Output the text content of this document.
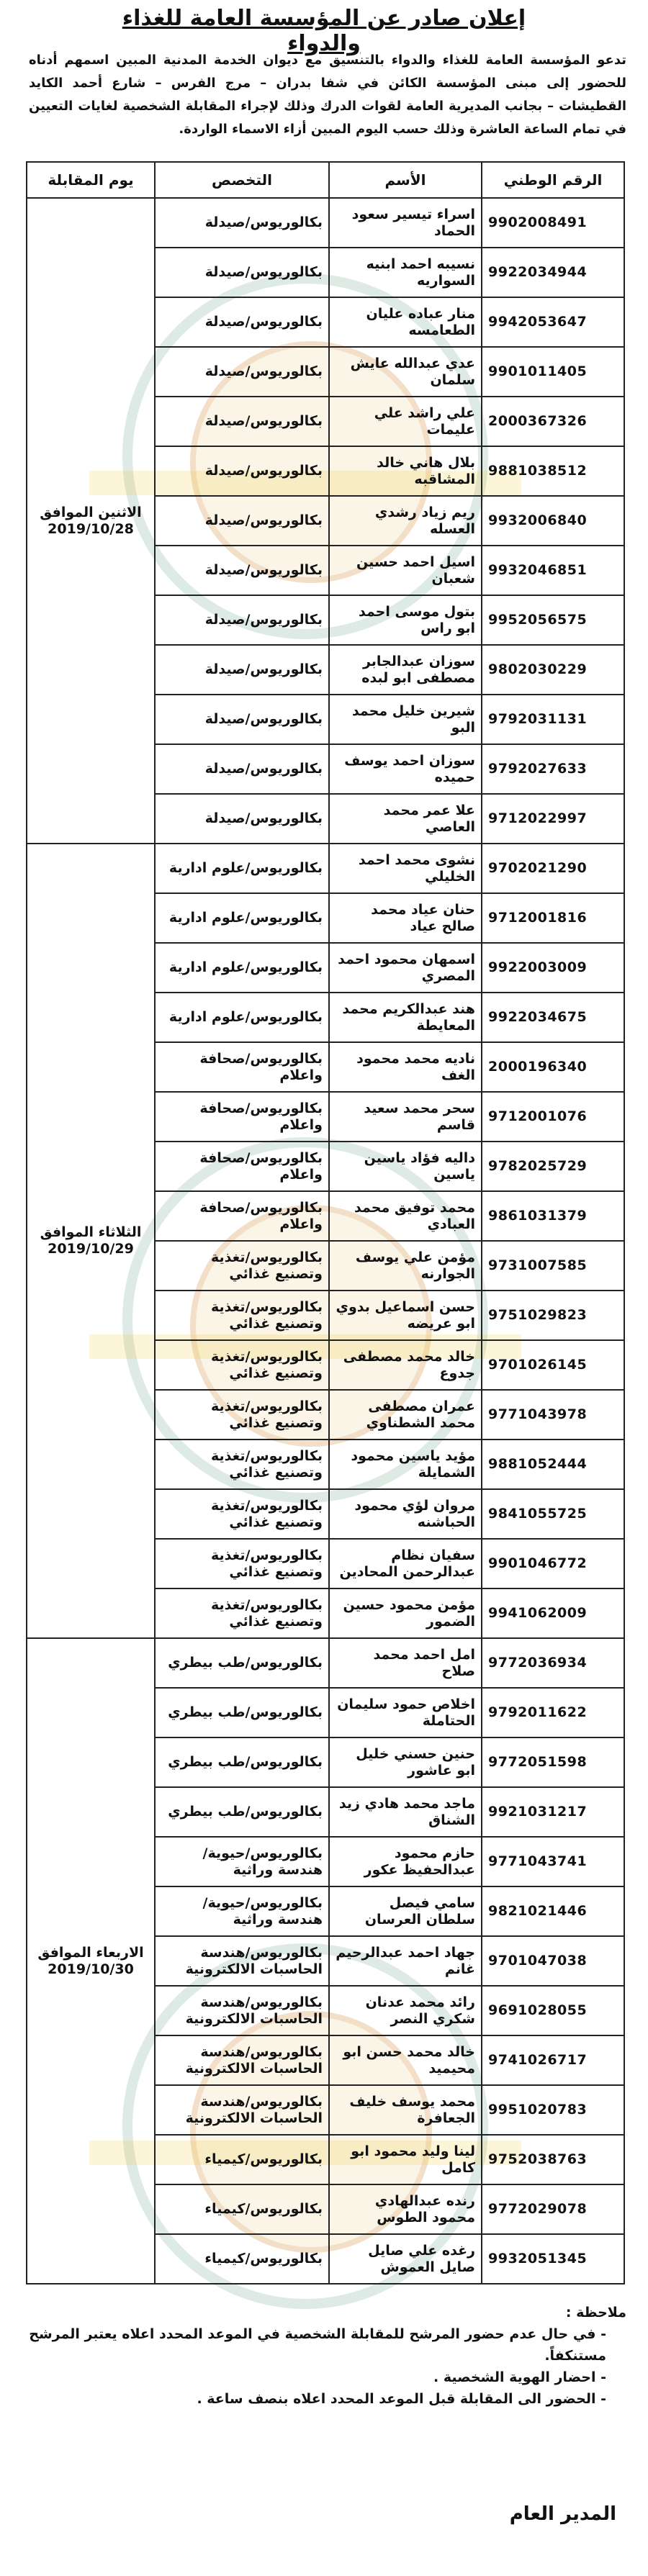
إعلان صادر عن المؤسسة العامة للغذاء والدواء
تدعو المؤسسة العامة للغذاء والدواء بالتنسيق مع ديوان الخدمة المدنية المبين اسمهم أدناه للحضور إلى مبنى المؤسسة الكائن في شفا بدران – مرج الفرس – شارع أحمد الكايد القطيشات – بجانب المديرية العامة لقوات الدرك وذلك لإجراء المقابلة الشخصية لغايات التعيين في تمام الساعة العاشرة وذلك حسب اليوم المبين أزاء الاسماء الواردة.
الرقم الوطني	الأسم	التخصص	يوم المقابلة
9902008491	اسراء تيسير سعود الحماد	بكالوريوس/صيدلة	الاثنين الموافق
2019/10/28

9922034944	نسيبه احمد ابنيه السواريه	بكالوريوس/صيدلة	
9942053647	منار عباده عليان الطعامسه	بكالوريوس/صيدلة	
9901011405	عدي عبدالله عايش سلمان	بكالوريوس/صيدلة	
2000367326	علي راشد علي عليمات	بكالوريوس/صيدلة	
9881038512	بلال هاني خالد المشاقبه	بكالوريوس/صيدلة	
9932006840	ريم زياد رشدي العسله	بكالوريوس/صيدلة	
9932046851	اسيل احمد حسين شعبان	بكالوريوس/صيدلة	
9952056575	بتول موسى احمد ابو راس	بكالوريوس/صيدلة	
9802030229	سوزان عبدالجابر مصطفى ابو لبده	بكالوريوس/صيدلة	
9792031131	شيرين خليل محمد البو	بكالوريوس/صيدلة	
9792027633	سوزان احمد يوسف حميده	بكالوريوس/صيدلة	
9712022997	علا عمر محمد العاصي	بكالوريوس/صيدلة	
9702021290	نشوى محمد احمد الخليلي	بكالوريوس/علوم ادارية	الثلاثاء الموافق
2019/10/29

9712001816	حنان عياد محمد صالح عياد	بكالوريوس/علوم ادارية	
9922003009	اسمهان محمود احمد المصري	بكالوريوس/علوم ادارية	
9922034675	هند عبدالكريم محمد المعايطة	بكالوريوس/علوم ادارية	
2000196340	ناديه محمد محمود الغف	بكالوريوس/صحافة واعلام	
9712001076	سحر محمد سعيد قاسم	بكالوريوس/صحافة واعلام	
9782025729	داليه فؤاد ياسين ياسين	بكالوريوس/صحافة واعلام	
9861031379	محمد توفيق محمد العبادي	بكالوريوس/صحافة واعلام	
9731007585	مؤمن علي يوسف الجوارنه	بكالوريوس/تغذية وتصنيع غذائي	
9751029823	حسن اسماعيل بدوي ابو عريضه	بكالوريوس/تغذية وتصنيع غذائي	
9701026145	خالد محمد مصطفى جدوع	بكالوريوس/تغذية وتصنيع غذائي	
9771043978	عمران مصطفى محمد الشطناوي	بكالوريوس/تغذية وتصنيع غذائي	
9881052444	مؤيد ياسين محمود الشمايلة	بكالوريوس/تغذية وتصنيع غذائي	
9841055725	مروان لؤي محمود الحباشنه	بكالوريوس/تغذية وتصنيع غذائي	
9901046772	سفيان نظام عبدالرحمن المحادين	بكالوريوس/تغذية وتصنيع غذائي	
9941062009	مؤمن محمود حسين الضمور	بكالوريوس/تغذية وتصنيع غذائي	
9772036934	امل احمد محمد صلاح	بكالوريوس/طب بيطري	الاربعاء الموافق
2019/10/30

9792011622	اخلاص حمود سليمان الحتاملة	بكالوريوس/طب بيطري	
9772051598	حنين حسني خليل ابو عاشور	بكالوريوس/طب بيطري	
9921031217	ماجد محمد هادي زيد الشناق	بكالوريوس/طب بيطري	
9771043741	حازم محمود عبدالحفيظ عكور	بكالوريوس/حيوية/هندسة وراثية	
9821021446	سامي فيصل سلطان العرسان	بكالوريوس/حيوية/هندسة وراثية	
9701047038	جهاد احمد عبدالرحيم غانم	بكالوريوس/هندسة الحاسبات الالكترونية	
9691028055	رائد محمد عدنان شكري النصر	بكالوريوس/هندسة الحاسبات الالكترونية	
9741026717	خالد محمد حسن ابو محيميد	بكالوريوس/هندسة الحاسبات الالكترونية	
9951020783	محمد يوسف خليف الجعافرة	بكالوريوس/هندسة الحاسبات الالكترونية	
9752038763	لينا وليد محمود ابو كامل	بكالوريوس/كيمياء	
9772029078	رنده عبدالهادي محمود الطوس	بكالوريوس/كيمياء	
9932051345	رغده علي صايل صايل العموش	بكالوريوس/كيمياء	
ملاحظة :
- في حال عدم حضور المرشح للمقابلة الشخصية في الموعد المحدد اعلاه يعتبر المرشح مستنكفاً.
- احضار الهوية الشخصية .
- الحضور الى المقابلة قبل الموعد المحدد اعلاه بنصف ساعة .
المدير العام
